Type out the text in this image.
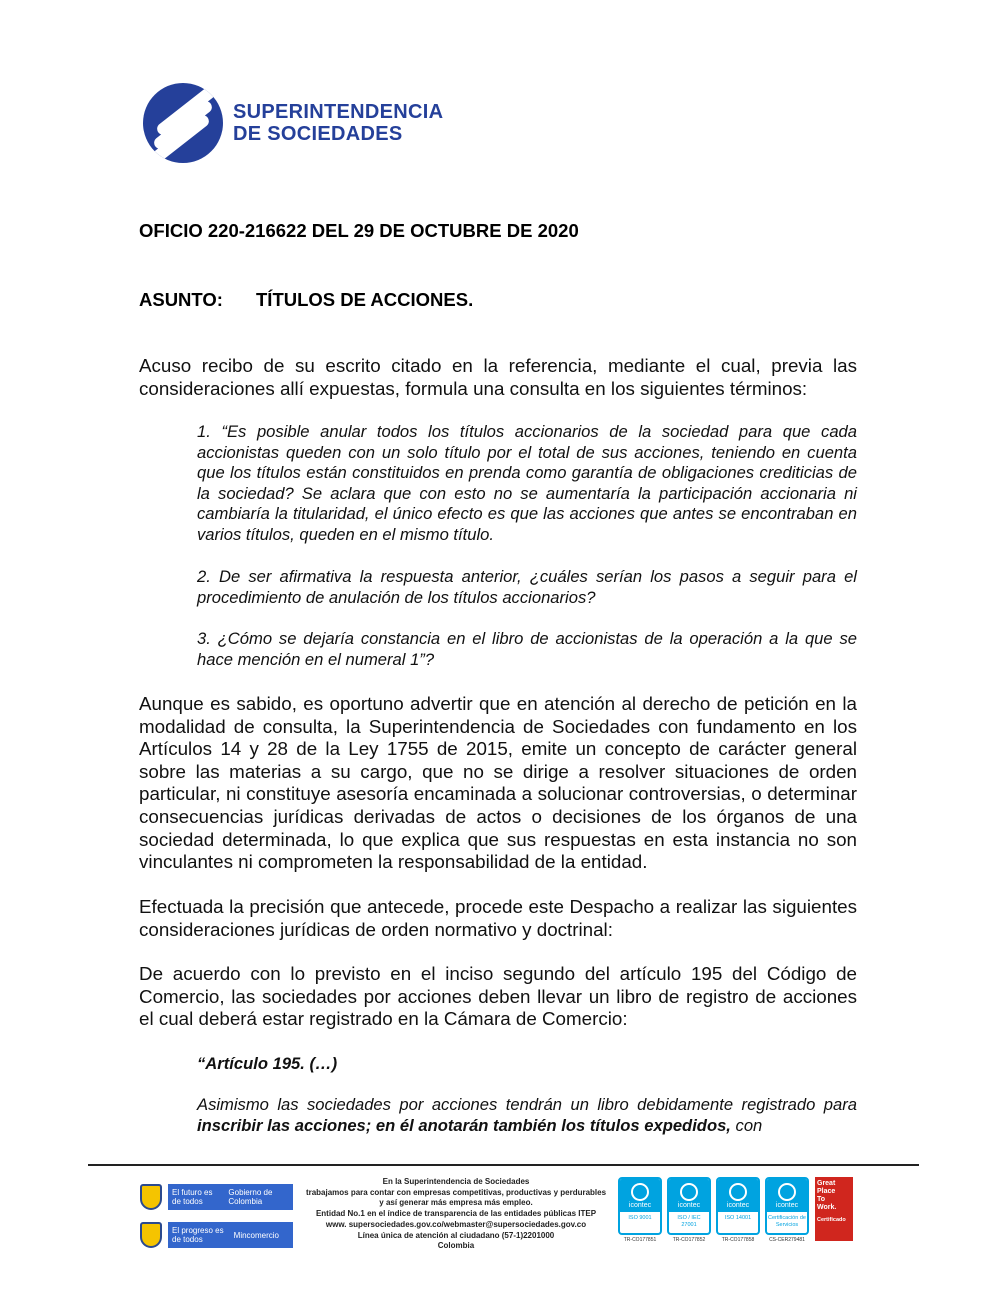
SUPERINTENDENCIA
DE SOCIEDADES
OFICIO 220-216622 DEL 29 DE OCTUBRE DE 2020
ASUNTO: TÍTULOS DE ACCIONES.
Acuso recibo de su escrito citado en la referencia, mediante el cual, previa las consideraciones allí expuestas, formula una consulta en los siguientes términos:
1. “Es posible anular todos los títulos accionarios de la sociedad para que cada accionistas queden con un solo título por el total de sus acciones, teniendo en cuenta que los títulos están constituidos en prenda como garantía de obligaciones crediticias de la sociedad? Se aclara que con esto no se aumentaría la participación accionaria ni cambiaría la titularidad, el único efecto es que las acciones que antes se encontraban en varios títulos, queden en el mismo título.
2. De ser afirmativa la respuesta anterior, ¿cuáles serían los pasos a seguir para el procedimiento de anulación de los títulos accionarios?
3. ¿Cómo se dejaría constancia en el libro de accionistas de la operación a la que se hace mención en el numeral 1”?
Aunque es sabido, es oportuno advertir que en atención al derecho de petición en la modalidad de consulta, la Superintendencia de Sociedades con fundamento en los Artículos 14 y 28 de la Ley 1755 de 2015, emite un concepto de carácter general sobre las materias a su cargo, que no se dirige a resolver situaciones de orden particular, ni constituye asesoría encaminada a solucionar controversias, o determinar consecuencias jurídicas derivadas de actos o decisiones de los órganos de una sociedad determinada, lo que explica que sus respuestas en esta instancia no son vinculantes ni comprometen la responsabilidad de la entidad.
Efectuada la precisión que antecede, procede este Despacho a realizar las siguientes consideraciones jurídicas de orden normativo y doctrinal:
De acuerdo con lo previsto en el inciso segundo del artículo 195 del Código de Comercio, las sociedades por acciones deben llevar un libro de registro de acciones el cual deberá estar registrado en la Cámara de Comercio:
“Artículo 195. (…)
Asimismo las sociedades por acciones tendrán un libro debidamente registrado para inscribir las acciones; en él anotarán también los títulos expedidos, con
El futuro es de todos
Gobierno de Colombia
El progreso es de todos	Mincomercio
En la Superintendencia de Sociedades
trabajamos para contar con empresas competitivas, productivas y perdurables
y así generar más empresa más empleo.
Entidad No.1 en el índice de transparencia de las entidades públicas ITEP
www. supersociedades.gov.co/webmaster@supersociedades.gov.co
Línea única de atención al ciudadano (57-1)2201000
Colombia
icontec
ISO 9001
TR-CO177851
icontec
ISO / IEC 27001
TR-CO177852
icontec
ISO 14001
TR-CO177858
icontec
Certificación de Servicios
CS-CER279481
Great
Place
To
Work.
Certificado
